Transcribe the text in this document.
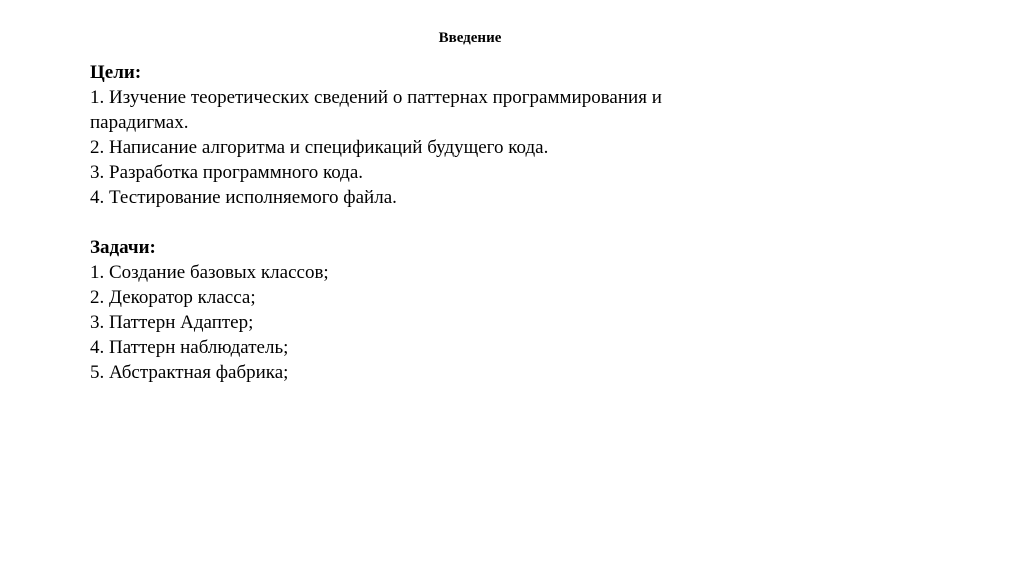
Введение
Цели:
1. Изучение теоретических сведений о паттернах программирования и
парадигмах.
2. Написание алгоритма и спецификаций будущего кода.
3. Разработка программного кода.
4. Тестирование исполняемого файла.
Задачи:
1. Создание базовых классов;
2. Декоратор класса;
3. Паттерн Адаптер;
4. Паттерн наблюдатель;
5. Абстрактная фабрика;
